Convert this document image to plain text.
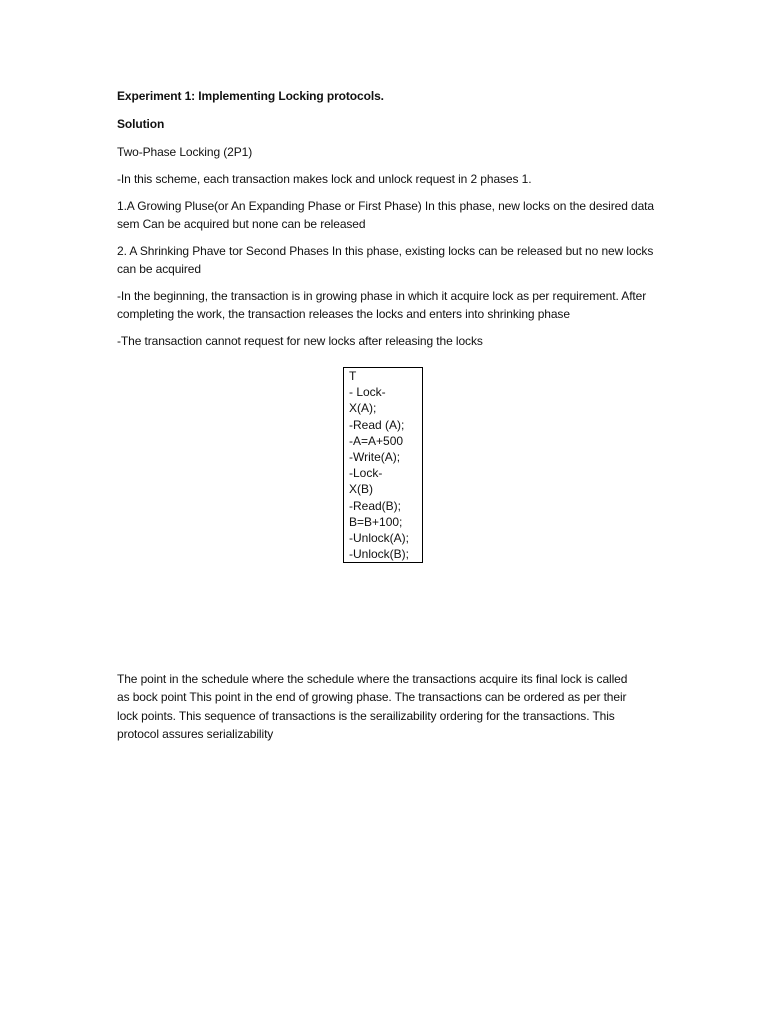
Experiment 1: Implementing Locking protocols.

Solution

Two-Phase Locking (2P1)

-In this scheme, each transaction makes lock and unlock request in 2 phases 1.

1.A Growing Pluse(or An Expanding Phase or First Phase) In this phase, new locks on the desired data sem Can be acquired but none can be released

2. A Shrinking Phave tor Second Phases In this phase, existing locks can be released but no new locks can be acquired

-In the beginning, the transaction is in growing phase in which it acquire lock as per requirement. After completing the work, the transaction releases the locks and enters into shrinking phase

-The transaction cannot request for new locks after releasing the locks

T
- Lock-
X(A);
-Read (A);
-A=A+500
-Write(A);
-Lock-
X(B)
-Read(B);
B=B+100;
-Unlock(A);
-Unlock(B);

The point in the schedule where the schedule where the transactions acquire its final lock is called as bock point This point in the end of growing phase. The transactions can be ordered as per their lock points. This sequence of transactions is the serailizability ordering for the transactions. This protocol assures serializability
